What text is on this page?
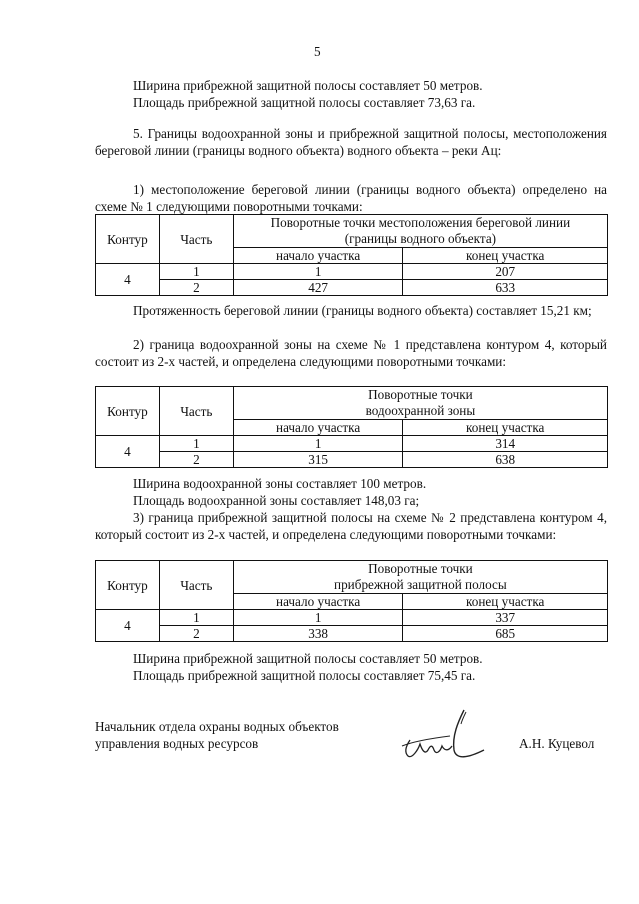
5
Ширина прибрежной защитной полосы составляет 50 метров.
Площадь прибрежной защитной полосы составляет 73,63 га.
5. Границы водоохранной зоны и прибрежной защитной полосы, местоположения береговой линии (границы водного объекта) водного объекта – реки Ац:
1) местоположение береговой линии (границы водного объекта) определено на схеме № 1 следующими поворотными точками:
Контур	Часть	Поворотные точки местоположения береговой линии
(границы водного объекта)	
		начало участка	конец участка
4	1	1	207
	2	427	633
Протяженность береговой линии (границы водного объекта) составляет 15,21 км;
2) граница водоохранной зоны на схеме № 1 представлена контуром 4, который состоит из 2-х частей, и определена следующими поворотными точками:
Контур	Часть	Поворотные точки
водоохранной зоны	
		начало участка	конец участка
4	1	1	314
	2	315	638
Ширина водоохранной зоны составляет 100 метров.
Площадь водоохранной зоны составляет 148,03 га;
3) граница прибрежной защитной полосы на схеме № 2 представлена контуром 4, который состоит из 2-х частей, и определена следующими поворотными точками:
Контур	Часть	Поворотные точки
прибрежной защитной полосы	
		начало участка	конец участка
4	1	1	337
	2	338	685
Ширина прибрежной защитной полосы составляет 50 метров.
Площадь прибрежной защитной полосы составляет 75,45 га.
Начальник отдела охраны водных объектов
управления водных ресурсов	А.Н. Куцевол
